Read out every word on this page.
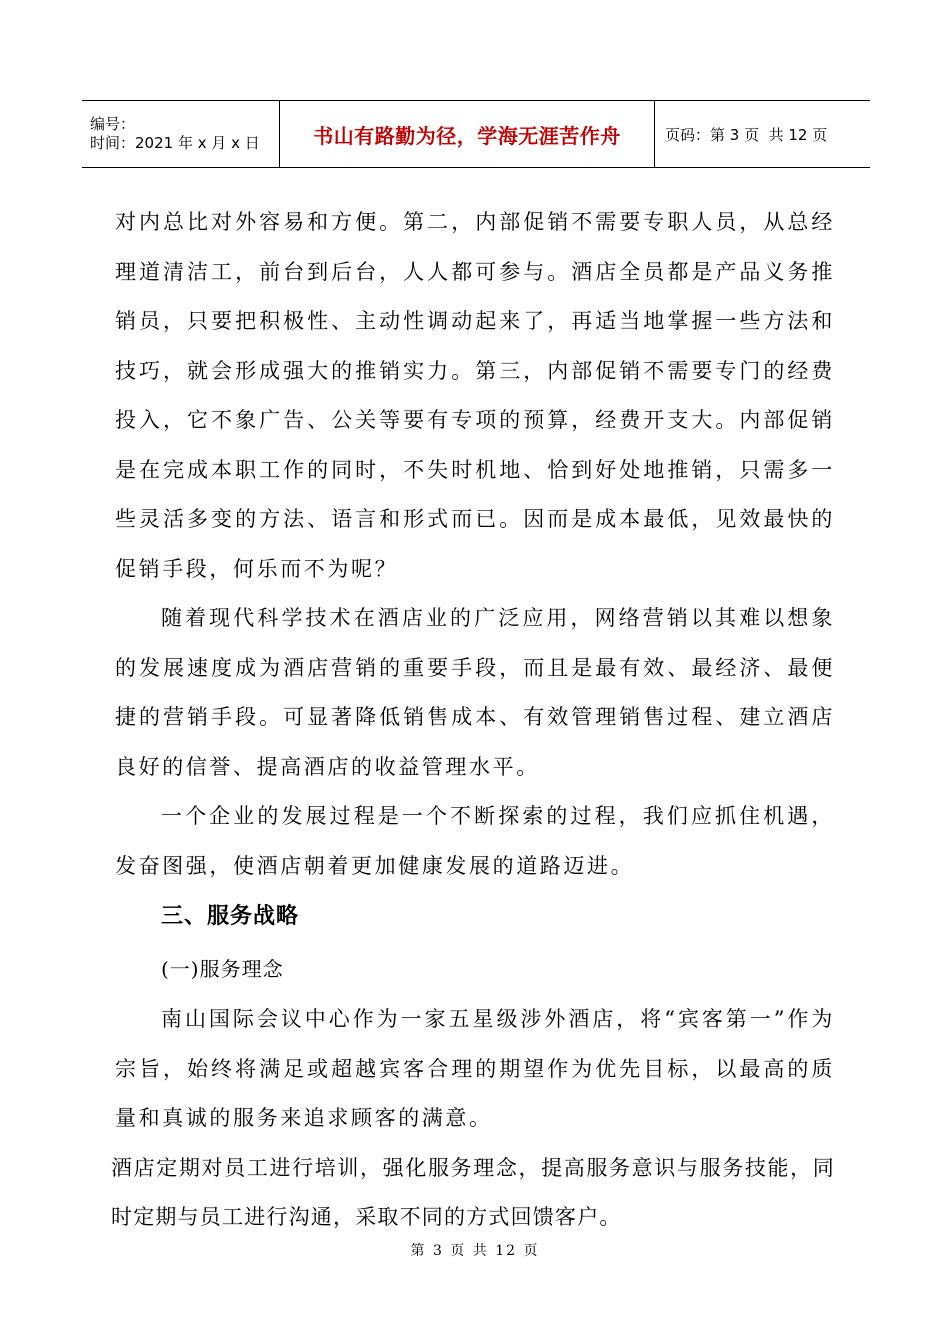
编号：
时间：2021 年 x 月 x 日	书山有路勤为径，学海无涯苦作舟	页码：第 3 页  共 12 页

对内总比对外容易和方便。第二，内部促销不需要专职人员，从总经理道清洁工，前台到后台，人人都可参与。酒店全员都是产品义务推销员，只要把积极性、主动性调动起来了，再适当地掌握一些方法和技巧，就会形成强大的推销实力。第三，内部促销不需要专门的经费投入，它不象广告、公关等要有专项的预算，经费开支大。内部促销是在完成本职工作的同时，不失时机地、恰到好处地推销，只需多一些灵活多变的方法、语言和形式而已。因而是成本最低，见效最快的促销手段，何乐而不为呢？

随着现代科学技术在酒店业的广泛应用，网络营销以其难以想象的发展速度成为酒店营销的重要手段，而且是最有效、最经济、最便捷的营销手段。可显著降低销售成本、有效管理销售过程、建立酒店良好的信誉、提高酒店的收益管理水平。

一个企业的发展过程是一个不断探索的过程，我们应抓住机遇，发奋图强，使酒店朝着更加健康发展的道路迈进。

三、服务战略

(一)服务理念

南山国际会议中心作为一家五星级涉外酒店，将“宾客第一”作为宗旨，始终将满足或超越宾客合理的期望作为优先目标，以最高的质量和真诚的服务来追求顾客的满意。

酒店定期对员工进行培训，强化服务理念，提高服务意识与服务技能，同时定期与员工进行沟通，采取不同的方式回馈客户。

第 3 页 共 12 页
